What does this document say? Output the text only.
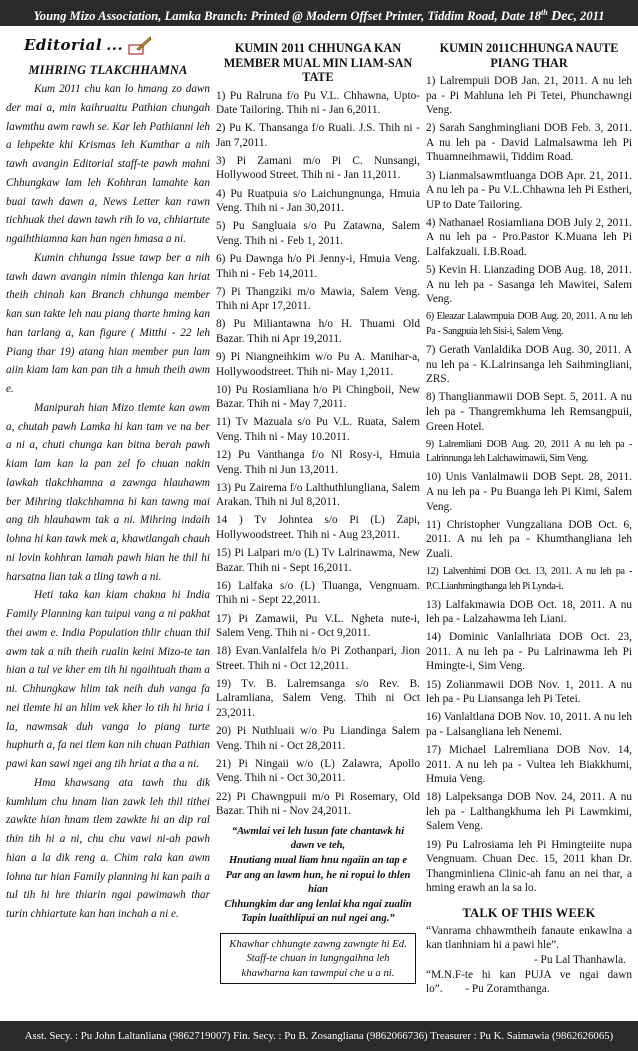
Young Mizo Association, Lamka Branch: Printed @ Modern Offset Printer, Tiddim Road, Date 18th Dec, 2011
Editorial ...
MIHRING TLAKCHHAMNA

Kum 2011 chu kan lo hmang zo dawn der mai a, min kaihruaitu Pathian chungah lawmthu awm rawh se. Kar leh Pathianni leh a lehpekte khi Krismas leh Kumthar a nih tawh avangin Editorial staff-te pawh mahni Chhungkaw lam leh Kohhran lamahte kan buai tawh dawn a, News Letter kan rawn tichhuak thei dawn tawh rih lo va, chhiartute ngaihthiamna kan han ngen hmasa a ni.

Kumin chhunga Issue tawp ber a nih tawh dawn avangin nimin thlenga kan hriat theih chinah kan Branch chhunga member kan sun takte leh nau piang tharte hming kan han tarlang a, kan figure ( Mitthi - 22 leh Piang thar 19) atang hian member pun lam aiin kiam lam kan pan tih a hmuh theih awm e.

Manipurah hian Mizo tlemte kan awm a, chutah pawh Lamka hi kan tam ve na ber a ni a, chuti chunga kan bitna berah pawh kiam lam kan la pan zel fo chuan nakin lawkah tlakchhamna a zawnga hlauhawm ber Mihring tlakchhamna hi kan tawng mai ang tih hlauhawm tak a ni. Mihring indaih lohna hi kan tawk mek a, khawtlangah chauh ni lovin kohhran lamah pawh hian he thil hi harsatna lian tak a tling tawh a ni.

Heti taka kan kiam chakna hi India Family Planning kan tuipui vang a ni pakhat thei awm e. India Population thlir chuan thil awm tak a nih theih rualin keini Mizo-te tan hian a tul ve kher em tih hi ngaihtuah tham a ni. Chhungkaw hlim tak neih duh vanga fa nei tlemte hi an hlim vek kher lo tih hi hria i la, nawmsak duh vanga lo piang turte huphurh a, fa nei tlem kan nih chuan Pathian pawi kan sawi ngei ang tih hriat a tha a ni.

Hma khawsang ata tawh thu dik kumhlum chu hnam lian zawk leh thil tithei zawkte hian hnam tlem zawkte hi an dip ral thin tih hi a ni, chu chu vawi ni-ah pawh hian a la dik reng a. Chim rala kan awm lohna tur hian Family planning hi kan paih a tul tih hi hre thiarin ngai pawimawh thar turin chhiartute kan han inchah a ni e.

KUMIN 2011 CHHUNGA KAN MEMBER MUAL MIN LIAM-SAN TATE
1) Pu Ralruna f/o Pu V.L. Chhawna, Upto-Date Tailoring. Thih ni - Jan 6,2011.
2) Pu K. Thansanga f/o Ruali. J.S. Thih ni - Jan 7,2011.
3) Pi Zamani m/o Pi C. Nunsangi, Hollywood Street. Thih ni - Jan 11,2011.
4) Pu Ruatpuia s/o Laichungnunga, Hmuia Veng. Thih ni - Jan 30,2011.
5) Pu Sangluaia s/o Pu Zatawna, Salem Veng. Thih ni - Feb 1, 2011.
6) Pu Dawnga h/o Pi Jenny-i, Hmuia Veng. Thih ni - Feb 14,2011.
7) Pi Thangziki m/o Mawia, Salem Veng. Thih ni Apr 17,2011.
8) Pu Miliantawna h/o H. Thuami Old Bazar. Thih ni Apr 19,2011.
9) Pi Niangneihkim w/o Pu A. Manihar-a, Hollywoodstreet. Thih ni- May 1,2011.
10) Pu Rosiamliana h/o Pi Chingboii, New Bazar. Thih ni - May 7,2011.
11) Tv Mazuala s/o Pu V.L. Ruata, Salem Veng. Thih ni - May 10.2011.
12) Pu Vanthanga f/o Nl Rosy-i, Hmuia Veng. Thih ni Jun 13,2011.
13) Pu Zairema f/o Lalthuthlungliana, Salem Arakan. Thih ni Jul 8,2011.
14 ) Tv Johntea s/o Pi (L) Zapi, Hollywoodstreet. Thih ni - Aug 23,2011.
15) Pi Lalpari m/o (L) Tv Lalrinawma, New Bazar. Thih ni - Sept 16,2011.
16) Lalfaka s/o (L) Tluanga, Vengnuam. Thih ni - Sept 22,2011.
17) Pi Zamawii, Pu V.L. Ngheta nute-i, Salem Veng. Thih ni - Oct 9,2011.
18) Evan.Vanlalfela h/o Pi Zothanpari, Jion Street. Thih ni - Oct 12,2011.
19) Tv. B. Lalremsanga s/o Rev. B. Lalramliana, Salem Veng. Thih ni Oct 23,2011.
20) Pi Nuthluaii w/o Pu Liandinga Salem Veng. Thih ni - Oct 28,2011.
21) Pi Ningaii w/o (L) Zalawra, Apollo Veng. Thih ni - Oct 30,2011.
22) Pi Chawngpuii m/o Pi Rosemary, Old Bazar. Thih ni - Nov 24,2011.
“Awmlai vei leh lusun fate chantawk hi dawn ve teh,
Hnutiang mual liam hnu ngaiin an tap e Par ang an lawm hun, he ni ropui lo thlen hian
Chhungkim dar ang lenlai kha ngai zualin
Tapin luaithlipui an nul ngei ang.”
Khawhar chhungte zawng zawngte hi Ed. Staff-te chuan in lungngaihna leh khawharna kan tawmpui che u a ni.
KUMIN 2011CHHUNGA NAUTE PIANG THAR
1) Lalrempuii DOB Jan. 21, 2011. A nu leh pa - Pi Mahluna leh Pi Tetei, Phunchawngi Veng.
2) Sarah Sanghmingliani DOB Feb. 3, 2011. A nu leh pa - David Lalmalsawma leh Pi Thuamneihmawii, Tiddim Road.
3) Lianmalsawmtluanga DOB Apr. 21, 2011. A nu leh pa - Pu V.L.Chhawna leh Pi Estheri, UP to Date Tailoring.
4) Nathanael Rosiamliana DOB July 2, 2011. A nu leh pa - Pro.Pastor K.Muana leh Pi Lalfakzuali. I.B.Road.
5) Kevin H. Lianzading DOB Aug. 18, 2011. A nu leh pa - Sasanga leh Mawitei, Salem Veng.
6) Eleazar Lalawmpuia DOB Aug. 20, 2011. A nu leh Pa - Sangpuia leh Sisi-i, Salem Veng.
7) Gerath Vanlaldika DOB Aug. 30, 2011. A nu leh pa - K.Lalrinsanga leh Saihmingliani, ZRS.
8) Thanglianmawii DOB Sept. 5, 2011. A nu leh pa - Thangremkhuma leh Remsangpuii, Green Hotel.
9) Lalremliani DOB Aug. 20, 2011 A nu leh pa - Lalrinnunga leh Lalchawimawii, Sim Veng.
10) Unis Vanlalmawii DOB Sept. 28, 2011. A nu leh pa - Pu Buanga leh Pi Kimi, Salem Veng.
11) Christopher Vungzaliana DOB Oct. 6, 2011. A nu leh pa - Khumthangliana leh Zuali.
12) Lalvenhimi DOB Oct. 13, 2011. A nu leh pa - P.C.Lianhmingthanga leh Pi Lynda-i.
13) Lalfakmawia DOB Oct. 18, 2011. A nu leh pa - Lalzahawma leh Liani.
14) Dominic Vanlalhriata DOB Oct. 23, 2011. A nu leh pa - Pu Lalrinawma leh Pi Hmingte-i, Sim Veng.
15) Zolianmawii DOB Nov. 1, 2011. A nu leh pa - Pu Liansanga leh Pi Tetei.
16) Vanlaltlana DOB Nov. 10, 2011. A nu leh pa - Lalsangliana leh Nenemi.
17) Michael Lalremliana DOB Nov. 14, 2011. A nu leh pa - Vultea leh Biakkhumi, Hmuia Veng.
18) Lalpeksanga DOB Nov. 24, 2011. A nu leh pa - Lalthangkhuma leh Pi Lawmkimi, Salem Veng.
19) Pu Lalrosiama leh Pi Hmingteiite nupa Vengnuam. Chuan Dec. 15, 2011 khan Dr. Thangminliena Clinic-ah fanu an nei thar, a hming erawh an la sa lo.
TALK OF THIS WEEK

“Vanrama chhawmtheih fanaute enkawlna a kan tlanhniam hi a pawi hle”.

- Pu Lal Thanhawla.

“M.N.F-te hi kan PUJA ve ngai dawn lo”. - Pu Zoramthanga.

Asst. Secy. : Pu John Laltanliana (9862719007) Fin. Secy. : Pu B. Zosangliana (9862066736) Treasurer : Pu K. Saimawia (9862626065)
